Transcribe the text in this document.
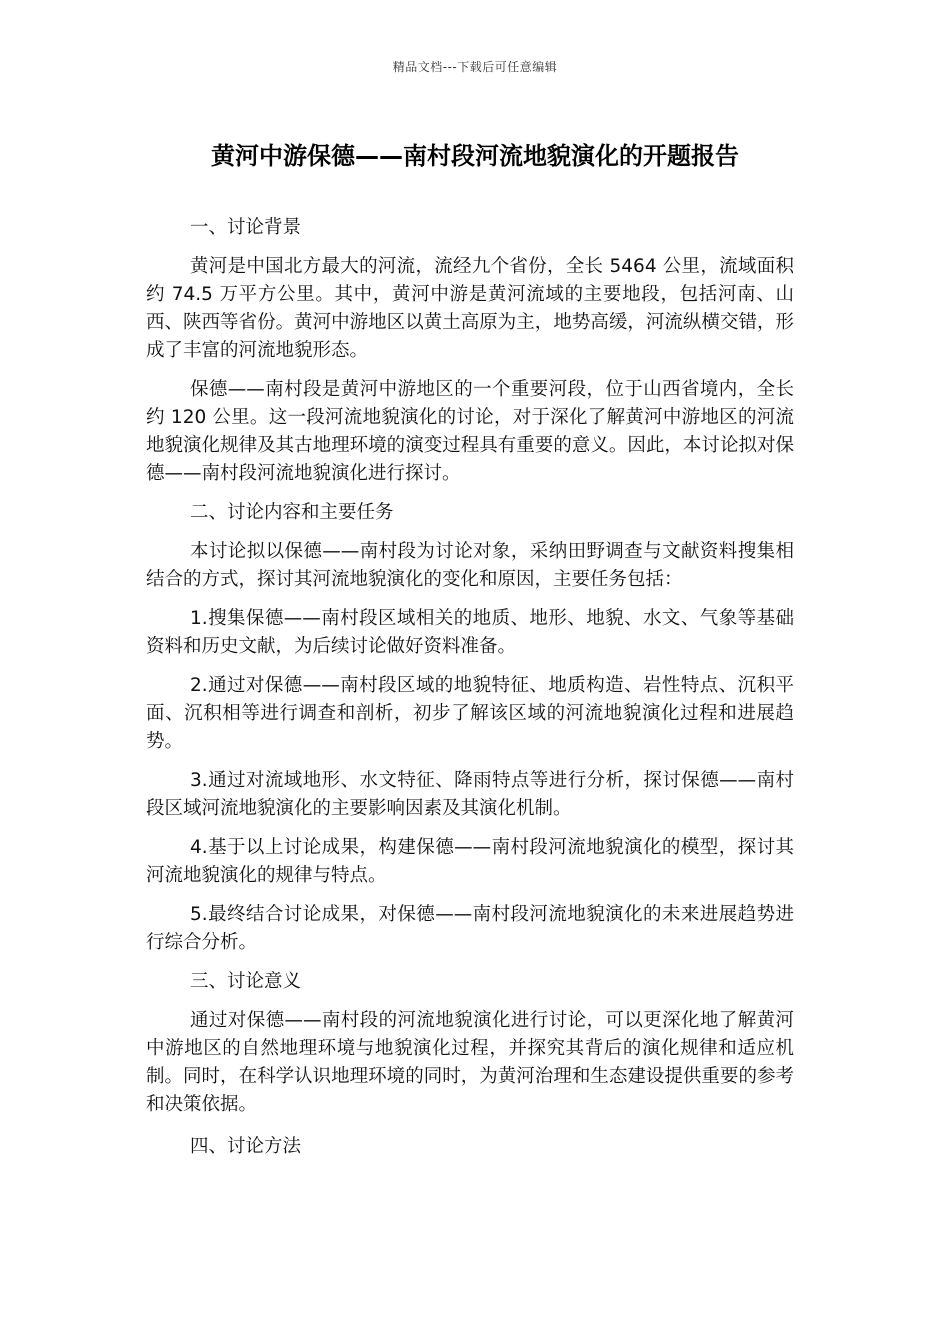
精品文档---下载后可任意编辑
黄河中游保德——南村段河流地貌演化的开题报告

一、讨论背景

黄河是中国北方最大的河流，流经九个省份，全长 5464 公里，流域面积约 74.5 万平方公里。其中，黄河中游是黄河流域的主要地段，包括河南、山西、陕西等省份。黄河中游地区以黄土高原为主，地势高缓，河流纵横交错，形成了丰富的河流地貌形态。

保德——南村段是黄河中游地区的一个重要河段，位于山西省境内，全长约 120 公里。这一段河流地貌演化的讨论，对于深化了解黄河中游地区的河流地貌演化规律及其古地理环境的演变过程具有重要的意义。因此，本讨论拟对保德——南村段河流地貌演化进行探讨。

二、讨论内容和主要任务

本讨论拟以保德——南村段为讨论对象，采纳田野调查与文献资料搜集相结合的方式，探讨其河流地貌演化的变化和原因，主要任务包括：

1.搜集保德——南村段区域相关的地质、地形、地貌、水文、气象等基础资料和历史文献，为后续讨论做好资料准备。

2.通过对保德——南村段区域的地貌特征、地质构造、岩性特点、沉积平面、沉积相等进行调查和剖析，初步了解该区域的河流地貌演化过程和进展趋势。

3.通过对流域地形、水文特征、降雨特点等进行分析，探讨保德——南村段区域河流地貌演化的主要影响因素及其演化机制。

4.基于以上讨论成果，构建保德——南村段河流地貌演化的模型，探讨其河流地貌演化的规律与特点。

5.最终结合讨论成果，对保德——南村段河流地貌演化的未来进展趋势进行综合分析。

三、讨论意义

通过对保德——南村段的河流地貌演化进行讨论，可以更深化地了解黄河中游地区的自然地理环境与地貌演化过程，并探究其背后的演化规律和适应机制。同时，在科学认识地理环境的同时，为黄河治理和生态建设提供重要的参考和决策依据。

四、讨论方法
